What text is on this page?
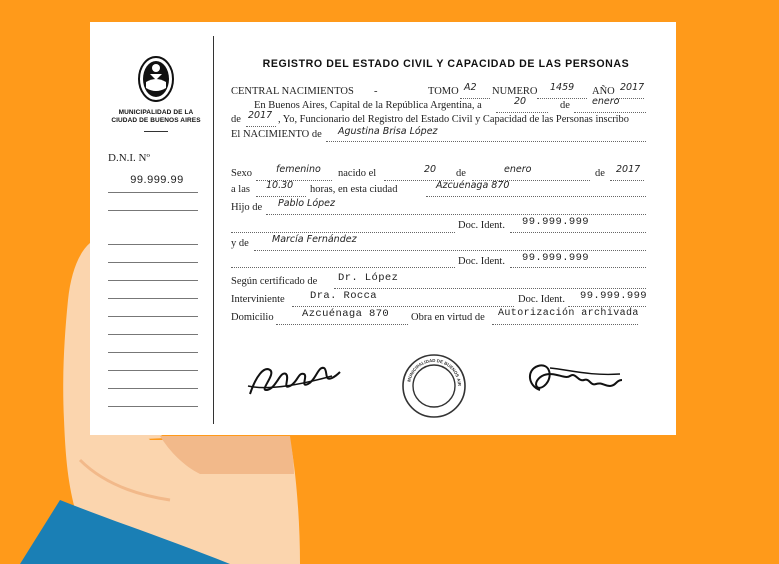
MUNICIPALIDAD DE LA
CIUDAD DE BUENOS AIRES
D.N.I. Nº
99.999.99
REGISTRO DEL ESTADO CIVIL Y CAPACIDAD DE LAS PERSONAS
CENTRAL NACIMIENTOS -	TOMO A2 NUMERO 1459 AÑO 2017
En Buenos Aires, Capital de la República Argentina, a	20	de enero
de 2017 , Yo, Funcionario del Registro del Estado Civil y Capacidad de las Personas inscribo
El NACIMIENTO de Agustina Brisa López
Sexo	femenino nacido el	20 de	enero	de 2017
a las 10.30 horas, en esta ciudad	Azcuénaga 870
Hijo de Pablo López
Doc. Ident. 99.999.999
y de Marcía Fernández
Doc. Ident. 99.999.999
Según certificado de Dr. López
Interviniente Dra. Rocca	Doc. Ident. 99.999.999
Domicilio	Azcuénaga 870 Obra en virtud de Autorización archivada
MUNICIPALIDAD DE BUENOS AIR
